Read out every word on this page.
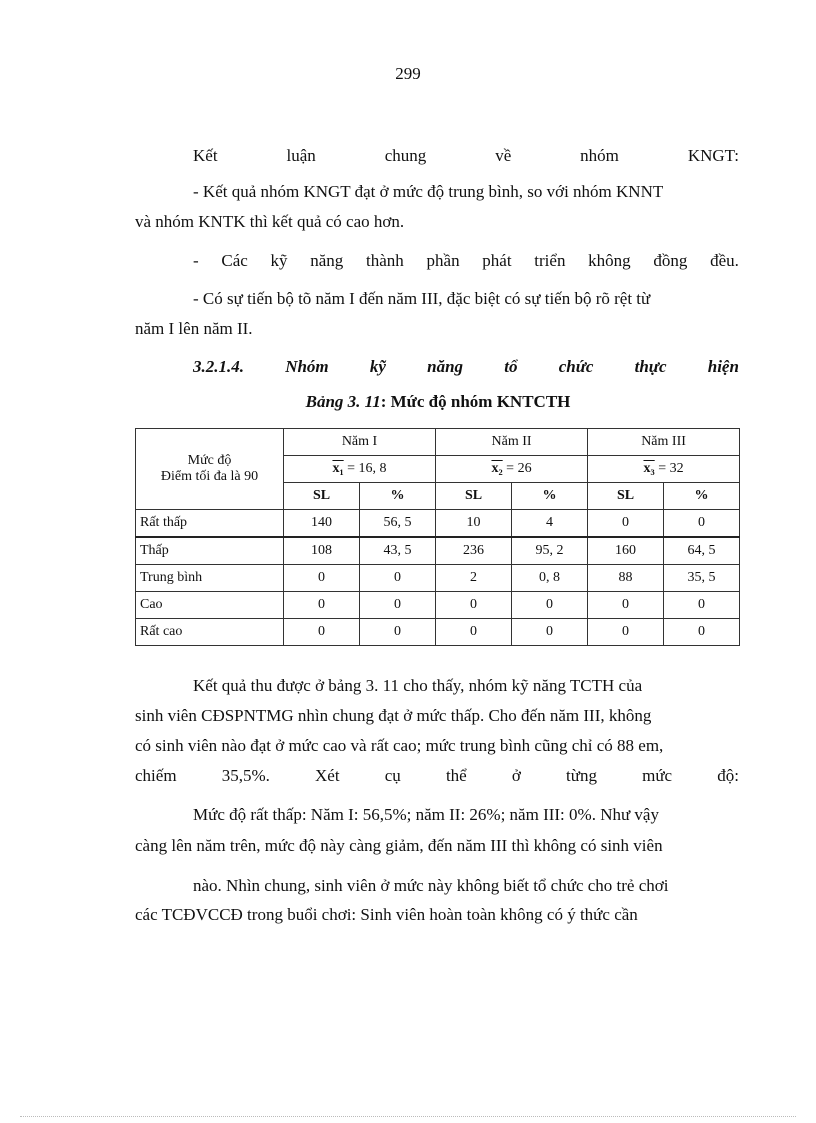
299
Kết	luận	chung	về	nhóm	KNGT:
- Kết quả nhóm KNGT đạt ở mức độ trung bình, so với nhóm KNNT
và nhóm KNTK thì kết quả có cao hơn.
- Các kỹ năng thành phần phát triển không đồng đều.
- Có sự tiến bộ tõ năm I đến năm III, đặc biệt có sự tiến bộ rõ rệt từ
năm I lên năm II.
3.2.1.4. Nhóm kỹ năng tổ chức thực hiện
Bảng 3. 11: Mức độ nhóm KNTCTH
Mức độ
Điểm tối đa là 90	Năm I		Năm II		Năm III	
	x₁ = 16, 8		x₂ = 26		x₃ = 32	
	SL	%	SL	%	SL	%
Rất thấp	140	56, 5	10	4	0	0
Thấp	108	43, 5	236	95, 2	160	64, 5
Trung bình	0	0	2	0, 8	88	35, 5
Cao	0	0	0	0	0	0
Rất cao	0	0	0	0	0	0
Kết quả thu được ở bảng 3. 11 cho thấy, nhóm kỹ năng TCTH của
sinh viên CĐSPNTMG nhìn chung đạt ở mức thấp. Cho đến năm III, không
có sinh viên nào đạt ở mức cao và rất cao; mức trung bình cũng chỉ có 88 em,
chiếm	35,5%.	Xét	cụ	thể	ở	từng	mức	độ:
Mức độ rất thấp: Năm I: 56,5%; năm II: 26%; năm III: 0%. Như vậy
càng lên năm trên, mức độ này càng giảm, đến năm III thì không có sinh viên
nào. Nhìn chung, sinh viên ở mức này không biết tổ chức cho trẻ chơi
các TCĐVCCĐ trong buổi chơi: Sinh viên hoàn toàn không có ý thức cần
